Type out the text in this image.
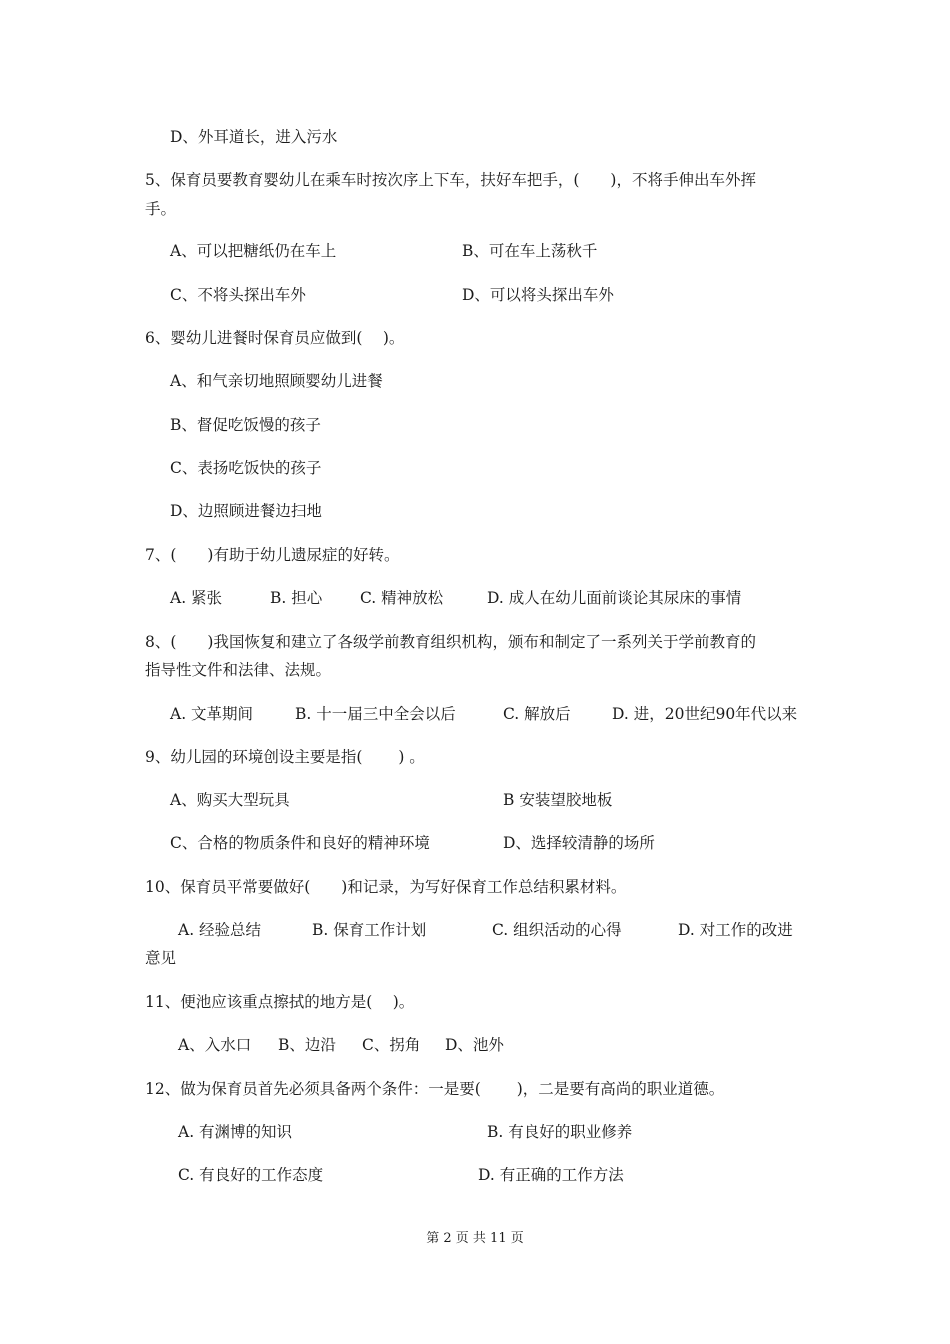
D、外耳道长，进入污水
5、保育员要教育婴幼儿在乘车时按次序上下车，扶好车把手，(　　)，不将手伸出车外挥
手。
A、可以把糖纸仍在车上	B、可在车上荡秋千
C、不将头探出车外	D、可以将头探出车外
6、婴幼儿进餐时保育员应做到(　 )。
A、和气亲切地照顾婴幼儿进餐
B、督促吃饭慢的孩子
C、表扬吃饭快的孩子
D、边照顾进餐边扫地
7、(　　)有助于幼儿遗尿症的好转。
A. 紧张	B. 担心 C. 精神放松	D. 成人在幼儿面前谈论其尿床的事情
8、(　　)我国恢复和建立了各级学前教育组织机构，颁布和制定了一系列关于学前教育的
指导性文件和法律、法规。
A. 文革期间	B. 十一届三中全会以后	C. 解放后	D. 进，20世纪90年代以来
9、幼儿园的环境创设主要是指(　　 ) 。
A、购买大型玩具	B 安装望胶地板
C、合格的物质条件和良好的精神环境	D、选择较清静的场所
10、保育员平常要做好(　　)和记录，为写好保育工作总结积累材料。
A. 经验总结	B. 保育工作计划	C. 组织活动的心得	D. 对工作的改进
意见
11、便池应该重点擦拭的地方是(　 )。
A、入水口 B、边沿 C、拐角 D、池外
12、做为保育员首先必须具备两个条件：一是要(　　 )，二是要有高尚的职业道德。
A. 有渊博的知识	B. 有良好的职业修养
C. 有良好的工作态度	D. 有正确的工作方法
第 2 页 共 11 页
